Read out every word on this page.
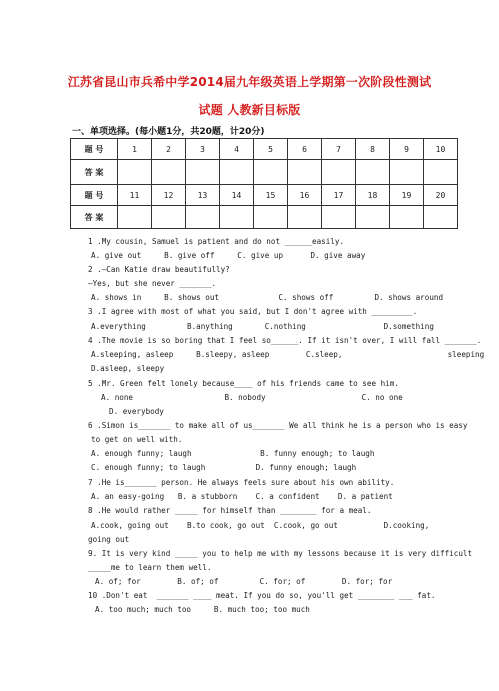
江苏省昆山市兵希中学2014届九年级英语上学期第一次阶段性测试
试题 人教新目标版
一、单项选择。(每小题1分，共20题，计20分)
题 号	1	2	3	4	5	6	7	8	9	10
答 案										
题 号	11	12	13	14	15	16	17	18	19	20
答 案										
1 .My cousin, Samuel is patient and do not ______easily.
A. give out     B. give off     C. give up      D. give away
2 .—Can Katie draw beautifully?
—Yes, but she never _______.
A. shows in     B. shows out             C. shows off         D. shows around
3 .I agree with most of what you said, but I don't agree with _________.
A.everything         B.anything       C.nothing                 D.something
4 .The movie is so boring that I feel so______. If it isn't over, I will fall _______.
A.sleeping, asleep     B.sleepy, asleep        C.sleep,                       sleeping
D.asleep, sleepy
5 .Mr. Green felt lonely because____ of his friends came to see him.
A. none                    B. nobody                     C. no one
D. everybody
6 .Simon is_______ to make all of us_______ We all think he is a person who is easy
to get on well with.
A. enough funny; laugh               B. funny enough; to laugh
C. enough funny; to laugh           D. funny enough; laugh
7 .He is_______ person. He always feels sure about his own ability.
A. an easy-going   B. a stubborn    C. a confident    D. a patient
8 .He would rather _____ for himself than ________ for a meal.
A.cook, going out    B.to cook, go out  C.cook, go out          D.cooking,
going out
9. It is very kind _____ you to help me with my lessons because it is very difficult
_____me to learn them well.
A. of; for        B. of; of         C. for; of        D. for; for
10 .Don't eat  _______ ____ meat. If you do so, you'll get ________ ___ fat.
A. too much; much too     B. much too; too much
